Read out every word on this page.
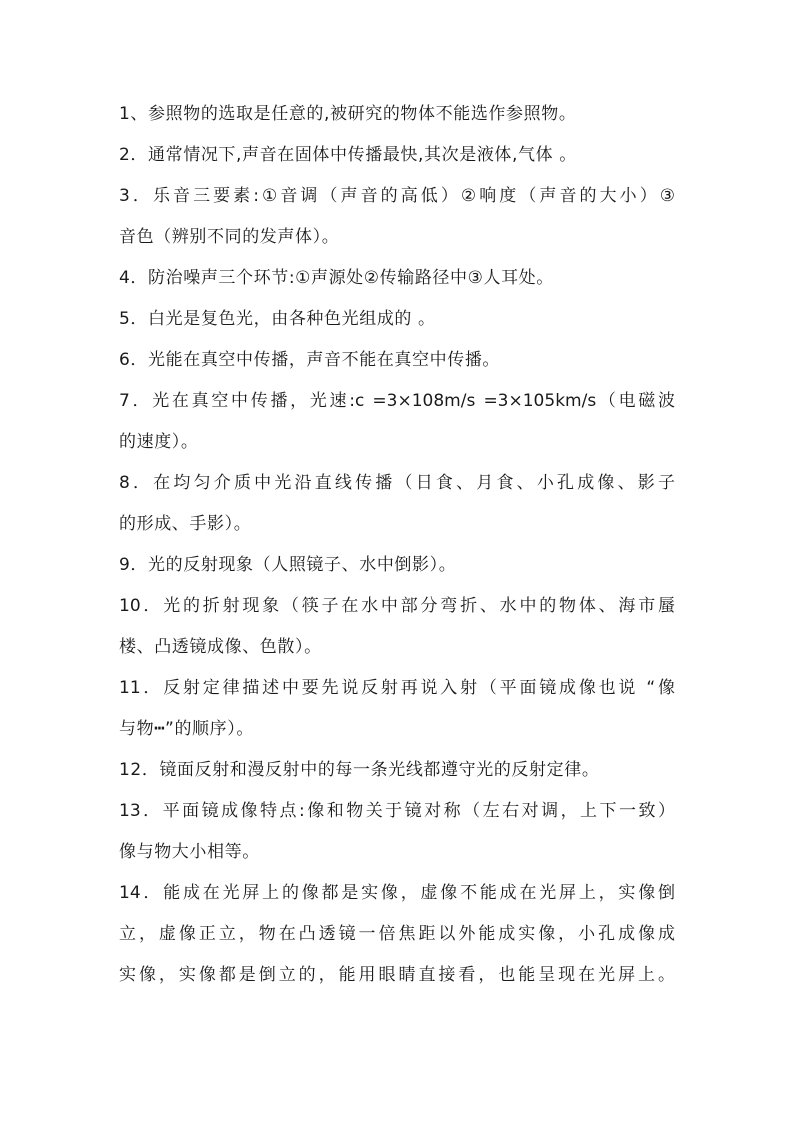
1、参照物的选取是任意的,被研究的物体不能选作参照物。
2．通常情况下,声音在固体中传播最快,其次是液体,气体 。
3．乐音三要素:①音调（声音的高低）②响度（声音的大小）③
音色（辨别不同的发声体）。
4．防治噪声三个环节:①声源处②传输路径中③人耳处。
5．白光是复色光，由各种色光组成的 。
6．光能在真空中传播，声音不能在真空中传播。
7．光在真空中传播，光速:c =3×108m/s =3×105km/s（电磁波
的速度）。
8．在均匀介质中光沿直线传播（日食、月食、小孔成像、影子
的形成、手影）。
9．光的反射现象（人照镜子、水中倒影）。
10．光的折射现象（筷子在水中部分弯折、水中的物体、海市蜃
楼、凸透镜成像、色散）。
11．反射定律描述中要先说反射再说入射（平面镜成像也说 “像
与物┅”的顺序）。
12．镜面反射和漫反射中的每一条光线都遵守光的反射定律。
13．平面镜成像特点:像和物关于镜对称（左右对调，上下一致）
像与物大小相等。
14．能成在光屏上的像都是实像，虚像不能成在光屏上，实像倒
立，虚像正立，物在凸透镜一倍焦距以外能成实像，小孔成像成
实像，实像都是倒立的，能用眼睛直接看，也能呈现在光屏上。
